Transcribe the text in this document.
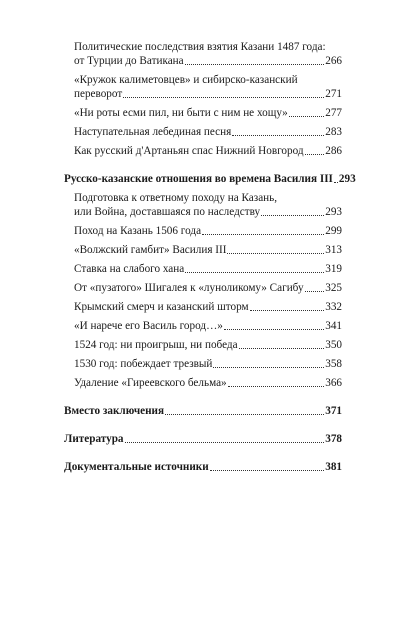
Политические последствия взятия Казани 1487 года:
от Турции до Ватикана	266
«Кружок калиметовцев» и сибирско-казанский
переворот	271
«Ни роты есми пил, ни быти с ним не хощу»	277
Наступательная лебединая песня	283
Как русский д'Артаньян спас Нижний Новгород 286
Русско-казанские отношения во времена Василия III 293
Подготовка к ответному походу на Казань,
или Война, доставшаяся по наследству	293
Поход на Казань 1506 года	299
«Волжский гамбит» Василия III	313
Ставка на слабого хана	319
От «пузатого» Шигалея к «луноликому» Сагибу 325
Крымский смерч и казанский шторм	332
«И нарече его Василь город…»	341
1524 год: ни проигрыш, ни победа	350
1530 год: побеждает трезвый	358
Удаление «Гиреевского бельма»	366
Вместо заключения	371
Литература	378
Документальные источники	381
